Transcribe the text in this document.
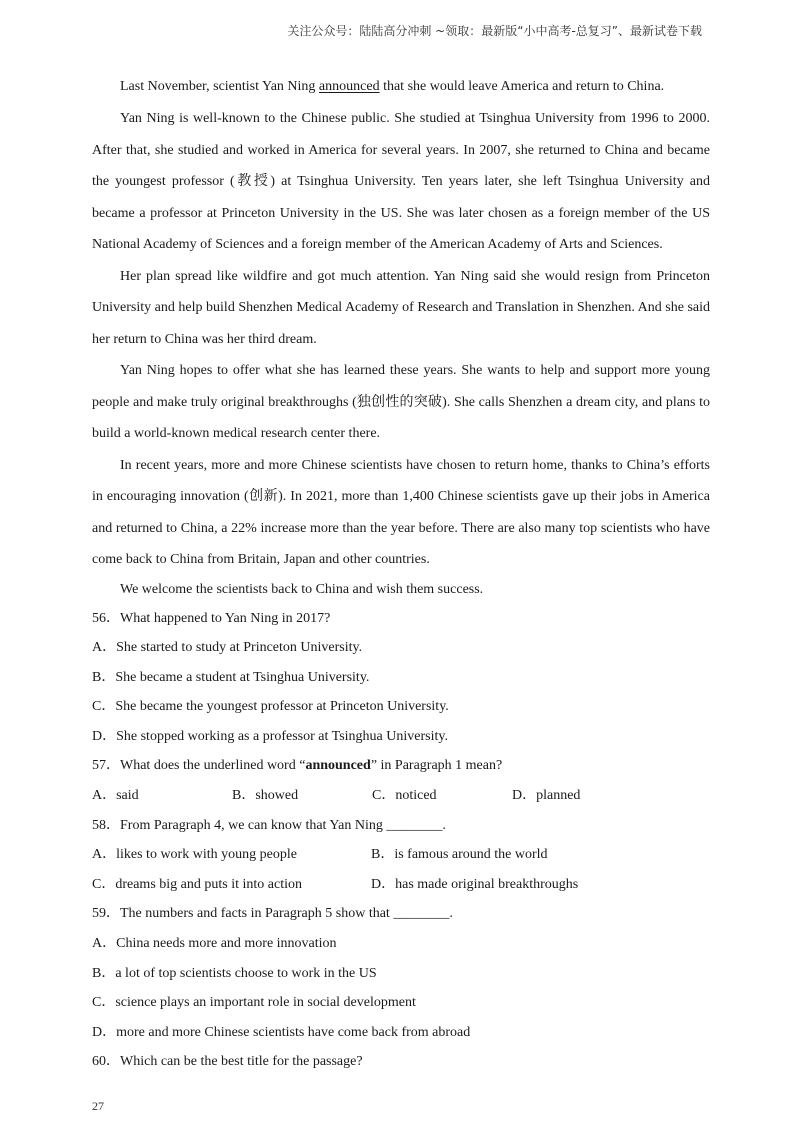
关注公众号：陆陆高分冲刺 ~领取：最新版“小中高考-总复习”、最新试卷下载

Last November, scientist Yan Ning announced that she would leave America and return to China.

Yan Ning is well-known to the Chinese public. She studied at Tsinghua University from 1996 to 2000. After that, she studied and worked in America for several years. In 2007, she returned to China and became the youngest professor (教授) at Tsinghua University. Ten years later, she left Tsinghua University and became a professor at Princeton University in the US. She was later chosen as a foreign member of the US National Academy of Sciences and a foreign member of the American Academy of Arts and Sciences.

Her plan spread like wildfire and got much attention. Yan Ning said she would resign from Princeton University and help build Shenzhen Medical Academy of Research and Translation in Shenzhen. And she said her return to China was her third dream.

Yan Ning hopes to offer what she has learned these years. She wants to help and support more young people and make truly original breakthroughs (独创性的突破). She calls Shenzhen a dream city, and plans to build a world-known medical research center there.

In recent years, more and more Chinese scientists have chosen to return home, thanks to China’s efforts in encouraging innovation (创新). In 2021, more than 1,400 Chinese scientists gave up their jobs in America and returned to China, a 22% increase more than the year before. There are also many top scientists who have come back to China from Britain, Japan and other countries.

We welcome the scientists back to China and wish them success.

56．What happened to Yan Ning in 2017?

A．She started to study at Princeton University.

B．She became a student at Tsinghua University.

C．She became the youngest professor at Princeton University.

D．She stopped working as a professor at Tsinghua University.

57．What does the underlined word “announced” in Paragraph 1 mean?

A．said	B．showed	C．noticed	D．planned

58．From Paragraph 4, we can know that Yan Ning ________.

A．likes to work with young people	B．is famous around the world
C．dreams big and puts it into action	D．has made original breakthroughs

59．The numbers and facts in Paragraph 5 show that ________.

A．China needs more and more innovation

B．a lot of top scientists choose to work in the US

C．science plays an important role in social development

D．more and more Chinese scientists have come back from abroad

60．Which can be the best title for the passage?

27
